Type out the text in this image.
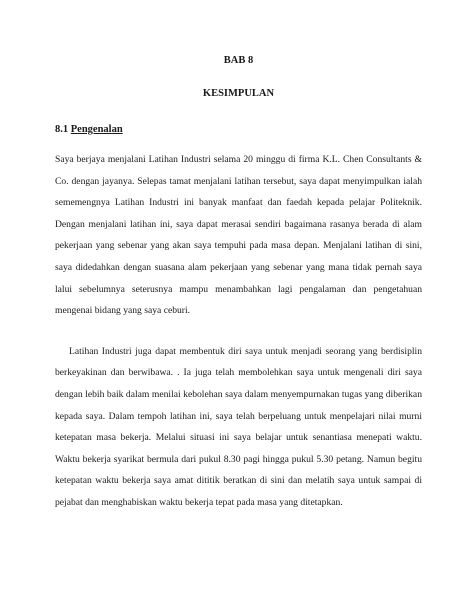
BAB 8
KESIMPULAN
8.1 Pengenalan

Saya berjaya menjalani Latihan Industri selama 20 minggu di firma K.L. Chen Consultants & Co. dengan jayanya. Selepas tamat menjalani latihan tersebut, saya dapat menyimpulkan ialah sememengnya Latihan Industri ini banyak manfaat dan faedah kepada pelajar Politeknik. Dengan menjalani latihan ini, saya dapat merasai sendiri bagaimana rasanya berada di alam pekerjaan yang sebenar yang akan saya tempuhi pada masa depan. Menjalani latihan di sini, saya didedahkan dengan suasana alam pekerjaan yang sebenar yang mana tidak pernah saya lalui sebelumnya seterusnya mampu menambahkan lagi pengalaman dan pengetahuan mengenai bidang yang saya ceburi.

Latihan Industri juga dapat membentuk diri saya untuk menjadi seorang yang berdisiplin berkeyakinan dan berwibawa. . Ia juga telah membolehkan saya untuk mengenali diri saya dengan lebih baik dalam menilai kebolehan saya dalam menyempurnakan tugas yang diberikan kepada saya. Dalam tempoh latihan ini, saya telah berpeluang untuk menpelajari nilai murni ketepatan masa bekerja. Melalui situasi ini saya belajar untuk senantiasa menepati waktu. Waktu bekerja syarikat bermula dari pukul 8.30 pagi hingga pukul 5.30 petang. Namun begitu ketepatan waktu bekerja saya amat dititik beratkan di sini dan melatih saya untuk sampai di pejabat dan menghabiskan waktu bekerja tepat pada masa yang ditetapkan.
